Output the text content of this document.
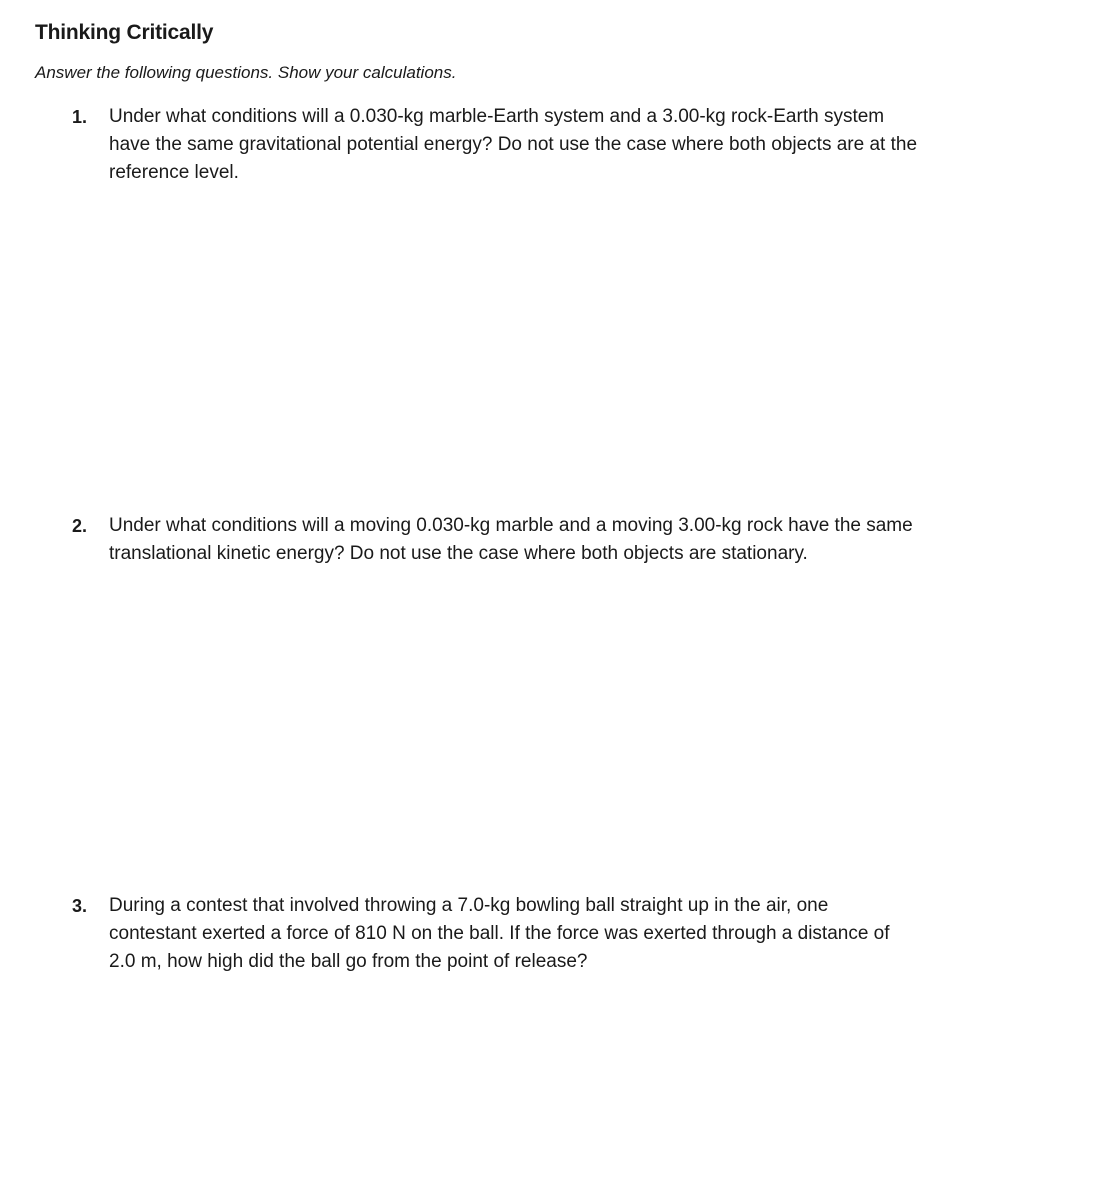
Thinking Critically

Answer the following questions. Show your calculations.

1.	Under what conditions will a 0.030-kg marble-Earth system and a 3.00-kg rock-Earth system
have the same gravitational potential energy? Do not use the case where both objects are at the
reference level.

2.	Under what conditions will a moving 0.030-kg marble and a moving 3.00-kg rock have the same
translational kinetic energy? Do not use the case where both objects are stationary.

3.	During a contest that involved throwing a 7.0-kg bowling ball straight up in the air, one
contestant exerted a force of 810 N on the ball. If the force was exerted through a distance of
2.0 m, how high did the ball go from the point of release?
